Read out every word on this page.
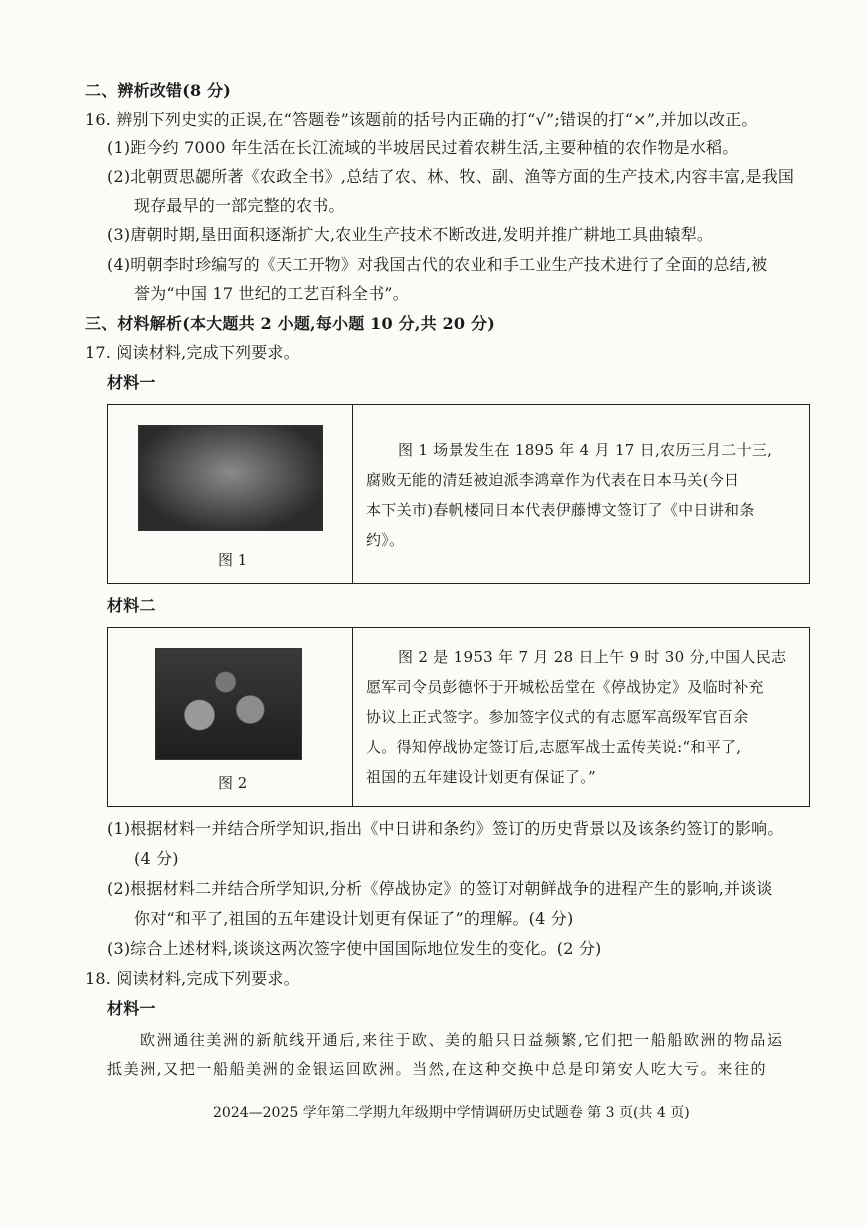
二、辨析改错(8 分)
16. 辨别下列史实的正误,在“答题卷”该题前的括号内正确的打“√”;错误的打“×”,并加以改正。
(1)距今约 7000 年生活在长江流域的半坡居民过着农耕生活,主要种植的农作物是水稻。
(2)北朝贾思勰所著《农政全书》,总结了农、林、牧、副、渔等方面的生产技术,内容丰富,是我国
现存最早的一部完整的农书。
(3)唐朝时期,垦田面积逐渐扩大,农业生产技术不断改进,发明并推广耕地工具曲辕犁。
(4)明朝李时珍编写的《天工开物》对我国古代的农业和手工业生产技术进行了全面的总结,被
誉为“中国 17 世纪的工艺百科全书”。
三、材料解析(本大题共 2 小题,每小题 10 分,共 20 分)
17. 阅读材料,完成下列要求。
材料一
图 1
图 1 场景发生在 1895 年 4 月 17 日,农历三月二十三,
腐败无能的清廷被迫派李鸿章作为代表在日本马关(今日
本下关市)春帆楼同日本代表伊藤博文签订了《中日讲和条
约》。
材料二
图 2
图 2 是 1953 年 7 月 28 日上午 9 时 30 分,中国人民志
愿军司令员彭德怀于开城松岳堂在《停战协定》及临时补充
协议上正式签字。参加签字仪式的有志愿军高级军官百余
人。得知停战协定签订后,志愿军战士孟传芙说:“和平了,
祖国的五年建设计划更有保证了。”
(1)根据材料一并结合所学知识,指出《中日讲和条约》签订的历史背景以及该条约签订的影响。
(4 分)
(2)根据材料二并结合所学知识,分析《停战协定》的签订对朝鲜战争的进程产生的影响,并谈谈
你对“和平了,祖国的五年建设计划更有保证了”的理解。(4 分)
(3)综合上述材料,谈谈这两次签字使中国国际地位发生的变化。(2 分)
18. 阅读材料,完成下列要求。
材料一
欧洲通往美洲的新航线开通后,来往于欧、美的船只日益频繁,它们把一船船欧洲的物品运
抵美洲,又把一船船美洲的金银运回欧洲。当然,在这种交换中总是印第安人吃大亏。来往的
2024—2025 学年第二学期九年级期中学情调研历史试题卷 第 3 页(共 4 页)
